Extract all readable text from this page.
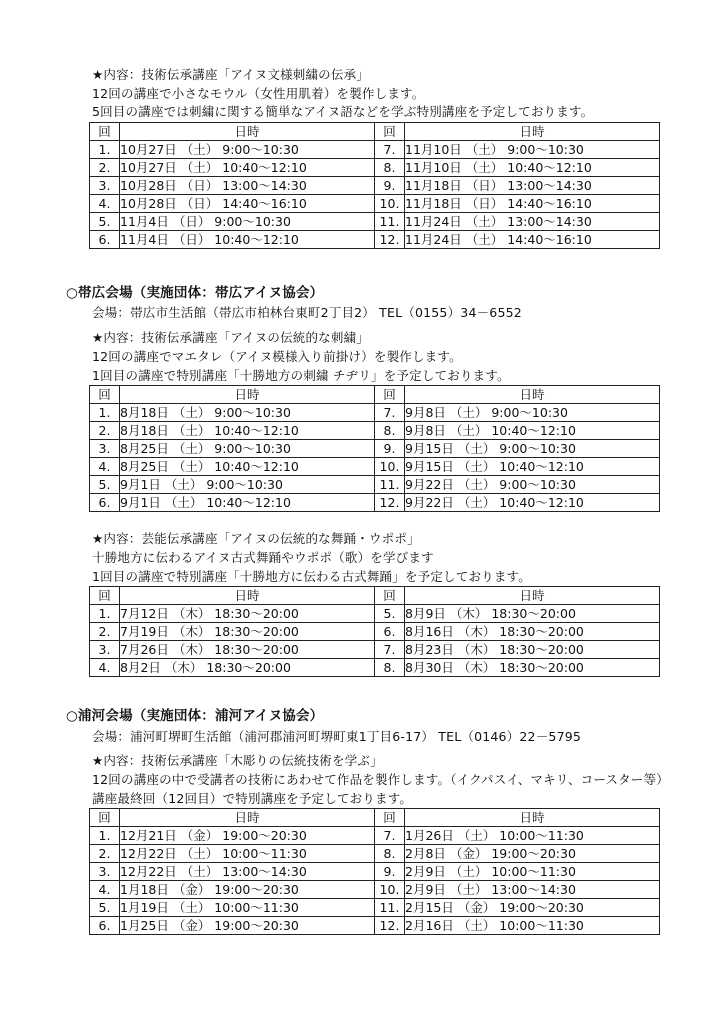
★内容：技術伝承講座「アイヌ文様刺繍の伝承」
12回の講座で小さなモウル（女性用肌着）を製作します。
5回目の講座では刺繍に関する簡単なアイヌ語などを学ぶ特別講座を予定しております。
回	日時	回	日時
1.	10月27日 （土） 9:00～10:30	7.	11月10日 （土） 9:00～10:30
2.	10月27日 （土） 10:40～12:10	8.	11月10日 （土） 10:40～12:10
3.	10月28日 （日） 13:00～14:30	9.	11月18日 （日） 13:00～14:30
4.	10月28日 （日） 14:40～16:10	10.	11月18日 （日） 14:40～16:10
5.	11月4日 （日） 9:00～10:30	11.	11月24日 （土） 13:00～14:30
6.	11月4日 （日） 10:40～12:10	12.	11月24日 （土） 14:40～16:10
○帯広会場（実施団体：帯広アイヌ協会）
会場：帯広市生活館（帯広市柏林台東町2丁目2） TEL（0155）34－6552
★内容：技術伝承講座「アイヌの伝統的な刺繍」
12回の講座でマエタレ（アイヌ模様入り前掛け）を製作します。
1回目の講座で特別講座「十勝地方の刺繍 チヂリ」を予定しております。
回	日時	回	日時
1.	8月18日 （土） 9:00～10:30	7.	9月8日 （土） 9:00～10:30
2.	8月18日 （土） 10:40～12:10	8.	9月8日 （土） 10:40～12:10
3.	8月25日 （土） 9:00～10:30	9.	9月15日 （土） 9:00～10:30
4.	8月25日 （土） 10:40～12:10	10.	9月15日 （土） 10:40～12:10
5.	9月1日 （土） 9:00～10:30	11.	9月22日 （土） 9:00～10:30
6.	9月1日 （土） 10:40～12:10	12.	9月22日 （土） 10:40～12:10
★内容：芸能伝承講座「アイヌの伝統的な舞踊・ウポポ」
十勝地方に伝わるアイヌ古式舞踊やウポポ（歌）を学びます
1回目の講座で特別講座「十勝地方に伝わる古式舞踊」を予定しております。
回	日時	回	日時
1.	7月12日 （木） 18:30～20:00	5.	8月9日 （木） 18:30～20:00
2.	7月19日 （木） 18:30～20:00	6.	8月16日 （木） 18:30～20:00
3.	7月26日 （木） 18:30～20:00	7.	8月23日 （木） 18:30～20:00
4.	8月2日 （木） 18:30～20:00	8.	8月30日 （木） 18:30～20:00
○浦河会場（実施団体：浦河アイヌ協会）
会場：浦河町堺町生活館（浦河郡浦河町堺町東1丁目6-17） TEL（0146）22－5795
★内容：技術伝承講座「木彫りの伝統技術を学ぶ」
12回の講座の中で受講者の技術にあわせて作品を製作します。（イクパスイ、マキリ、コースター等）
講座最終回（12回目）で特別講座を予定しております。
回	日時	回	日時
1.	12月21日 （金） 19:00～20:30	7.	1月26日 （土） 10:00～11:30
2.	12月22日 （土） 10:00～11:30	8.	2月8日 （金） 19:00～20:30
3.	12月22日 （土） 13:00～14:30	9.	2月9日 （土） 10:00～11:30
4.	1月18日 （金） 19:00～20:30	10.	2月9日 （土） 13:00～14:30
5.	1月19日 （土） 10:00～11:30	11.	2月15日 （金） 19:00～20:30
6.	1月25日 （金） 19:00～20:30	12.	2月16日 （土） 10:00～11:30
